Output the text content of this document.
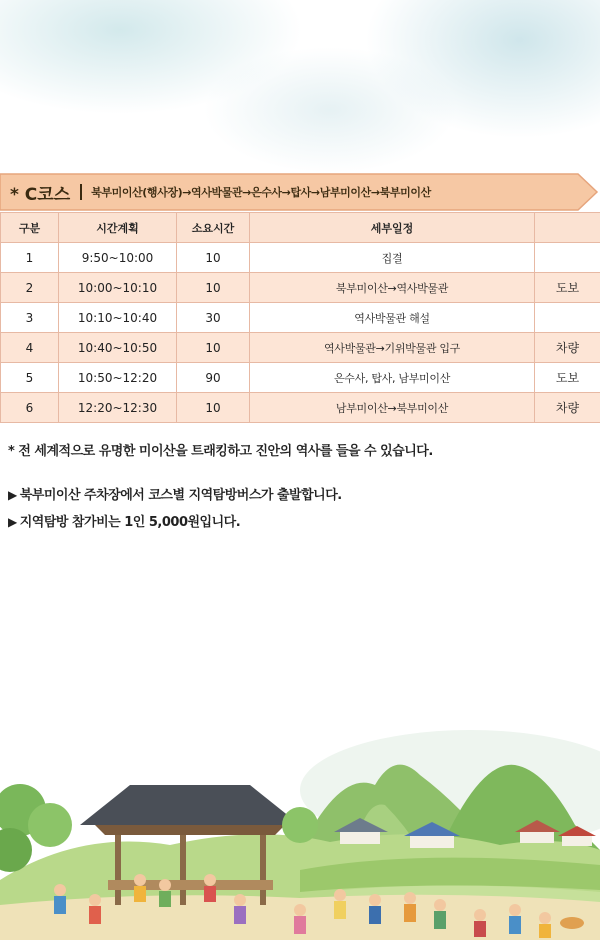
* C코스 북부미이산(행사장)→역사박물관→은수사→탑사→남부미이산→북부미이산
구분	시간계획	소요시간	세부일정	
1	9:50~10:00	10	집결	
2	10:00~10:10	10	북부미이산→역사박물관	도보
3	10:10~10:40	30	역사박물관 해설	
4	10:40~10:50	10	역사박물관→기위박물관 입구	차량
5	10:50~12:20	90	은수사, 탑사, 남부미이산	도보
6	12:20~12:30	10	남부미이산→북부미이산	차량
* 전 세계적으로 유명한 미이산을 트래킹하고 진안의 역사를 들을 수 있습니다.
▶ 북부미이산 주차장에서 코스별 지역탐방버스가 출발합니다.
▶ 지역탐방 참가비는 1인 5,000원입니다.
